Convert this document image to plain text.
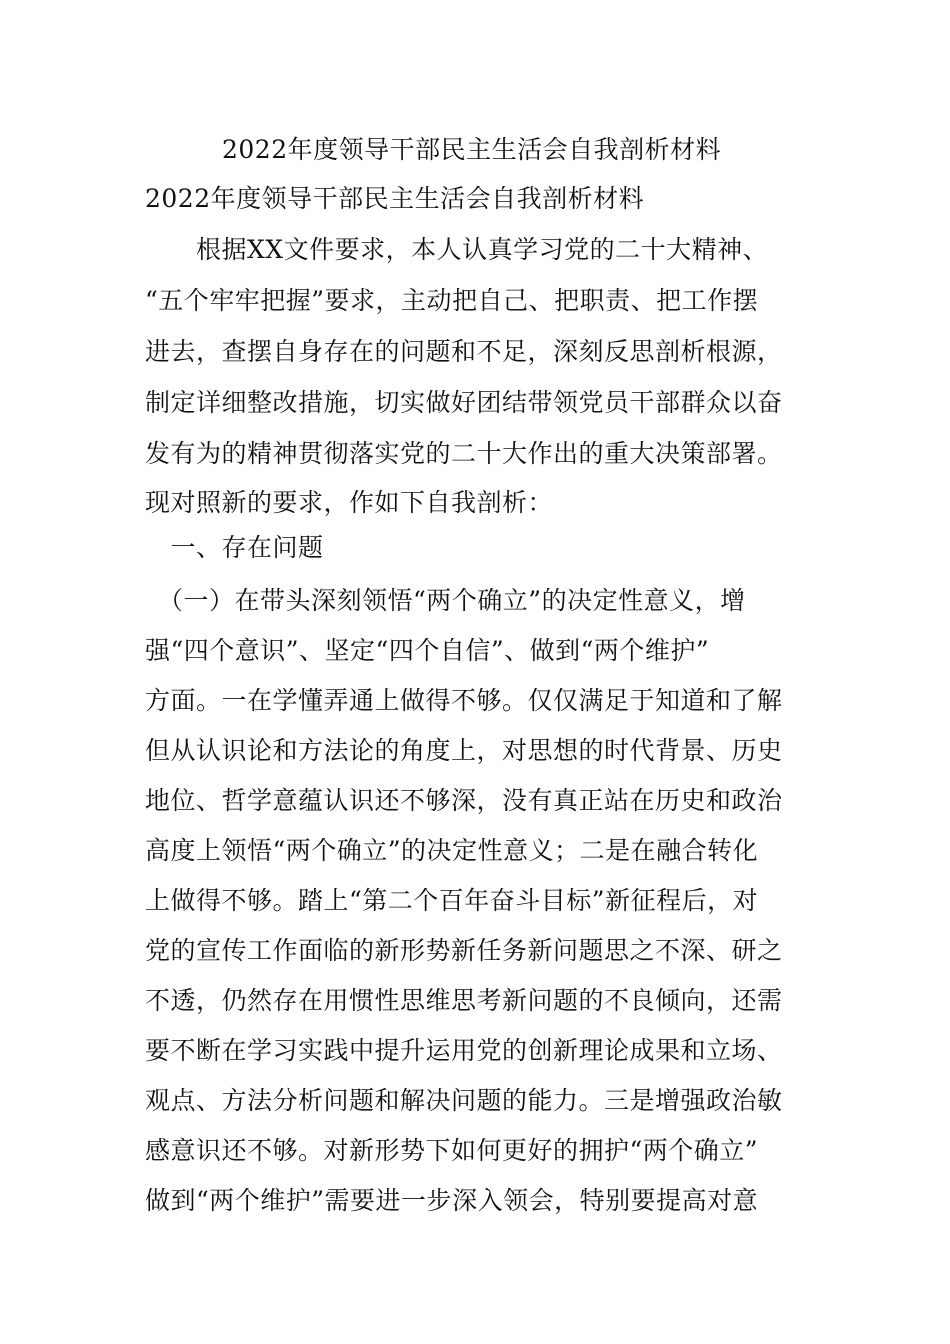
2022年度领导干部民主生活会自我剖析材料
2022年度领导干部民主生活会自我剖析材料
　　根据XX文件要求，本人认真学习党的二十大精神、
“五个牢牢把握”要求，主动把自己、把职责、把工作摆
进去，查摆自身存在的问题和不足，深刻反思剖析根源，
制定详细整改措施，切实做好团结带领党员干部群众以奋
发有为的精神贯彻落实党的二十大作出的重大决策部署。
现对照新的要求，作如下自我剖析：
　一、存在问题
　（一）在带头深刻领悟“两个确立”的决定性意义，增
强“四个意识”、坚定“四个自信”、做到“两个维护”
方面。一在学懂弄通上做得不够。仅仅满足于知道和了解
但从认识论和方法论的角度上，对思想的时代背景、历史
地位、哲学意蕴认识还不够深，没有真正站在历史和政治
高度上领悟“两个确立”的决定性意义；二是在融合转化
上做得不够。踏上“第二个百年奋斗目标”新征程后，对
党的宣传工作面临的新形势新任务新问题思之不深、研之
不透，仍然存在用惯性思维思考新问题的不良倾向，还需
要不断在学习实践中提升运用党的创新理论成果和立场、
观点、方法分析问题和解决问题的能力。三是增强政治敏
感意识还不够。对新形势下如何更好的拥护“两个确立”
做到“两个维护”需要进一步深入领会，特别要提高对意
